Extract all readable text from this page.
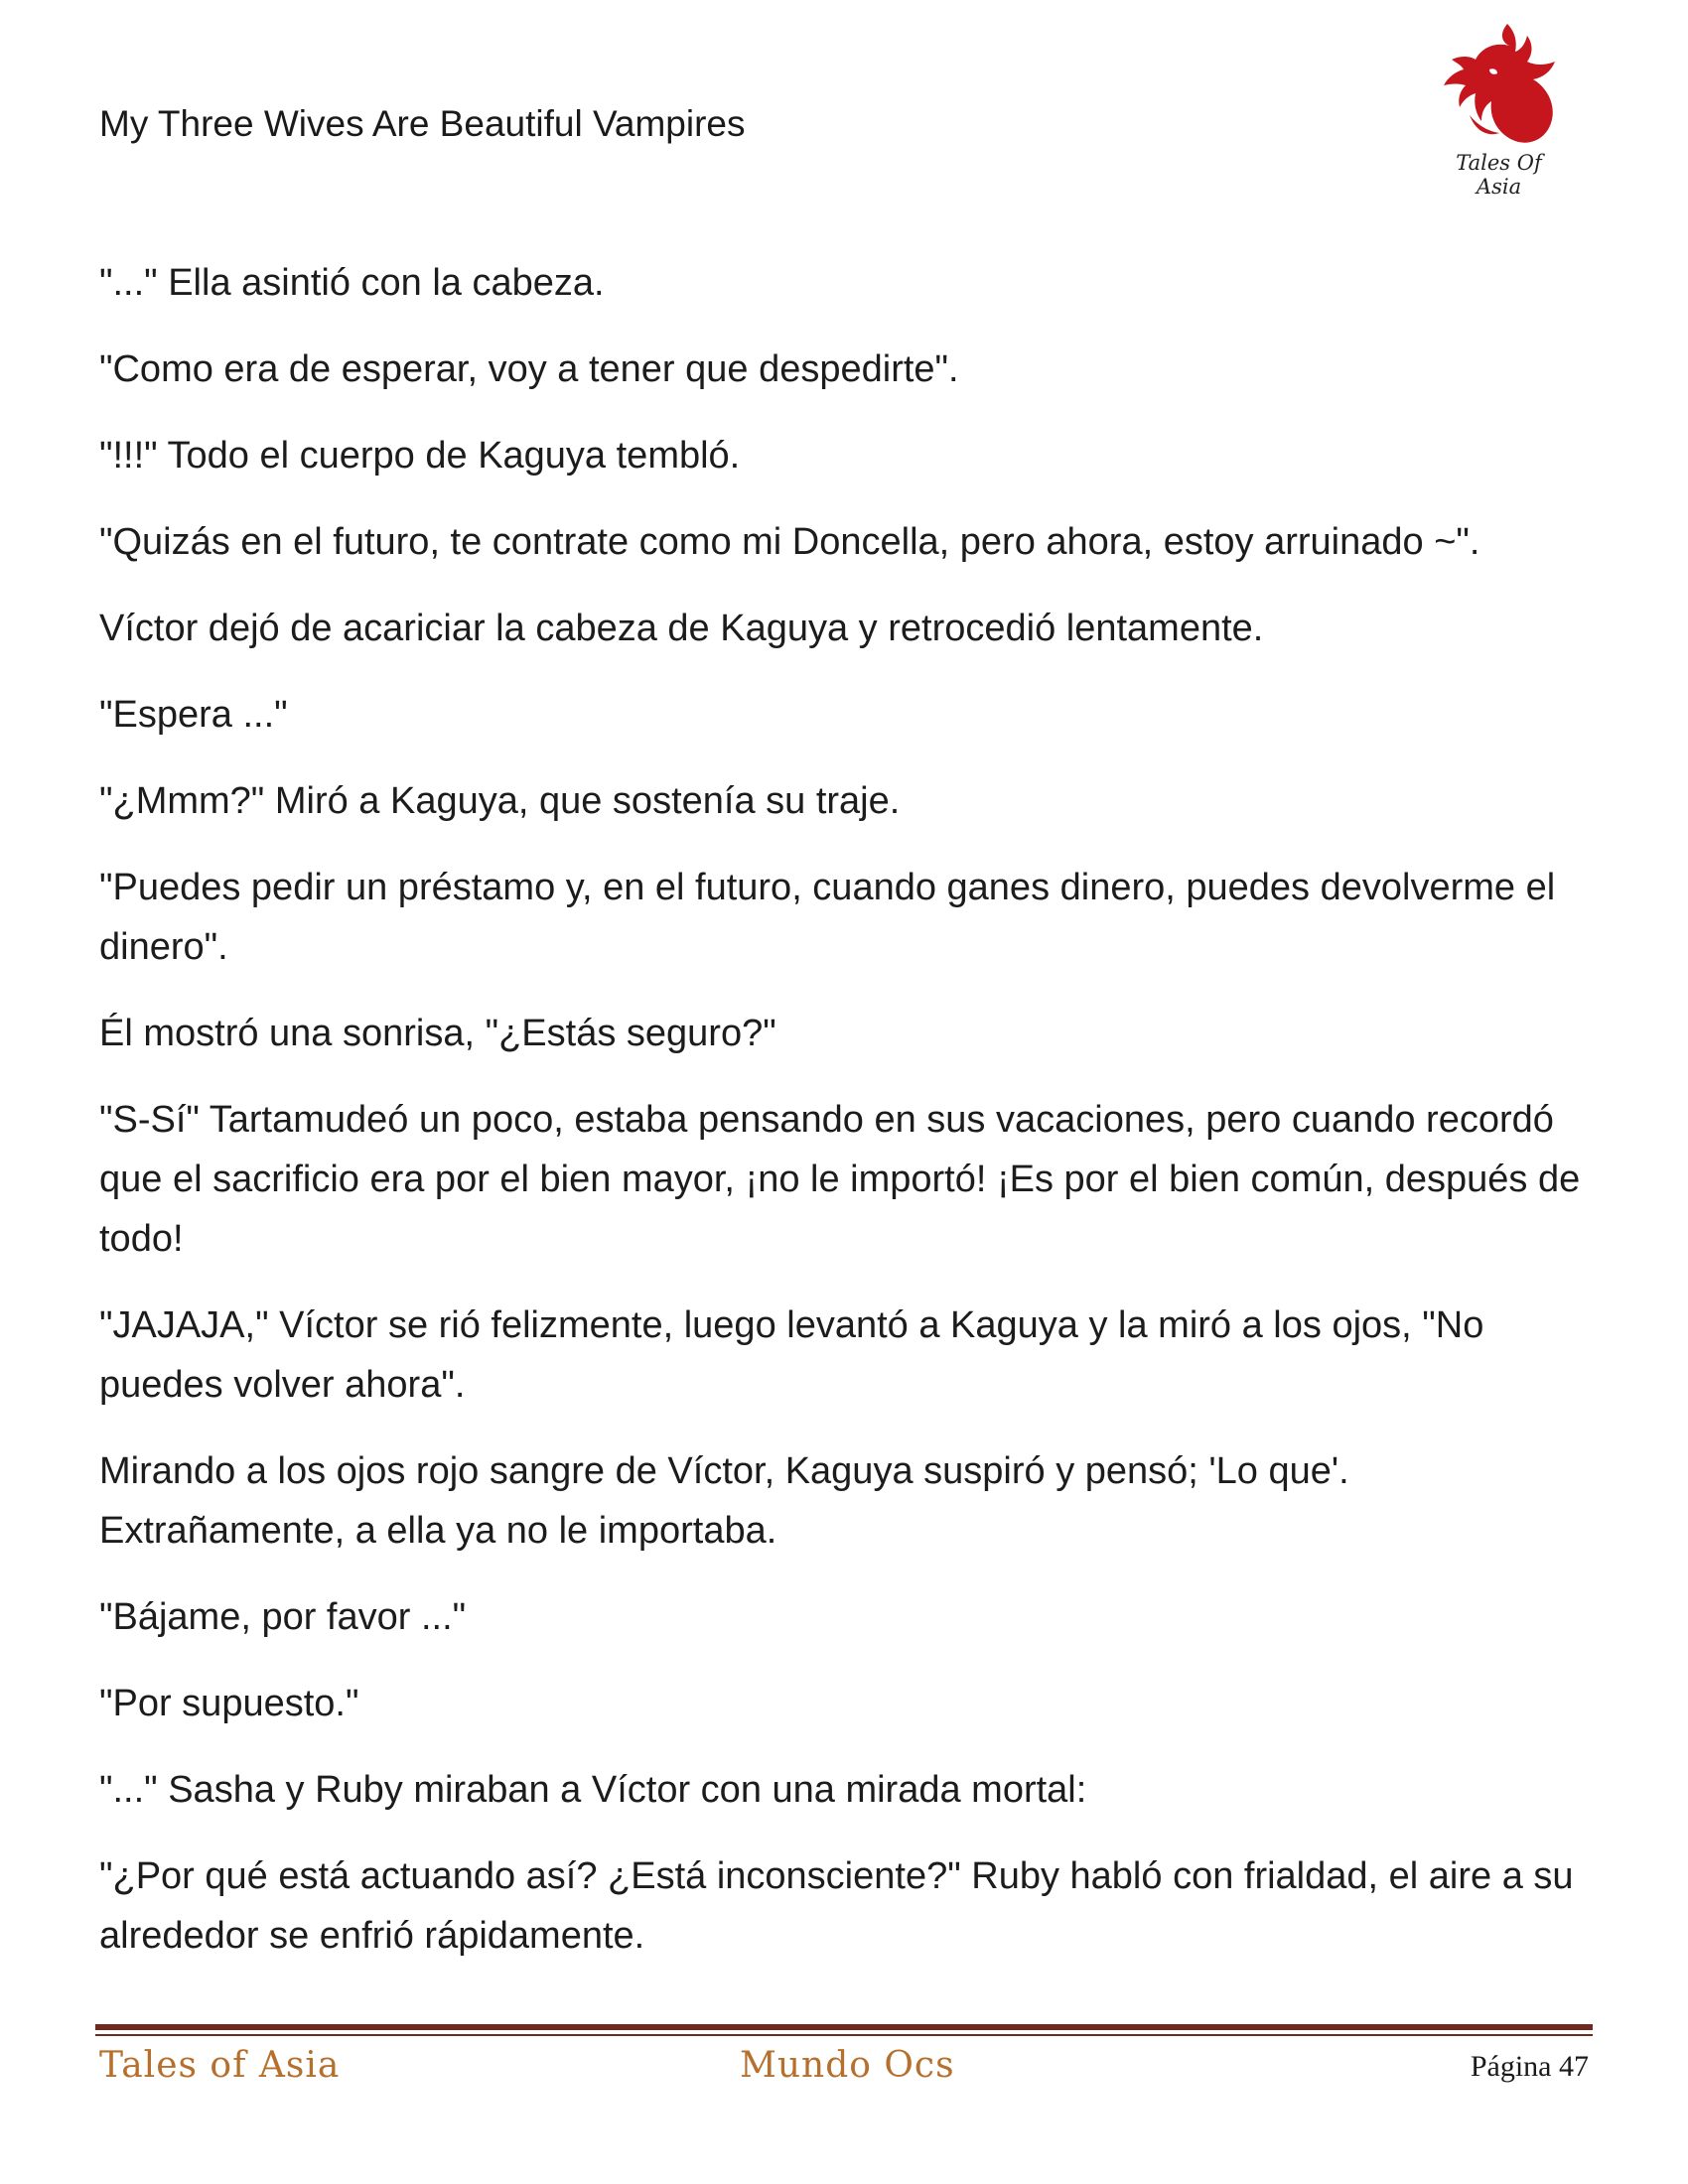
My Three Wives Are Beautiful Vampires
Tales Of Asia

"..." Ella asintió con la cabeza.

"Como era de esperar, voy a tener que despedirte".

"!!!" Todo el cuerpo de Kaguya tembló.

"Quizás en el futuro, te contrate como mi Doncella, pero ahora, estoy arruinado ~".

Víctor dejó de acariciar la cabeza de Kaguya y retrocedió lentamente.

"Espera ..."

"¿Mmm?" Miró a Kaguya, que sostenía su traje.

"Puedes pedir un préstamo y, en el futuro, cuando ganes dinero, puedes devolverme el dinero".

Él mostró una sonrisa, "¿Estás seguro?"

"S-Sí" Tartamudeó un poco, estaba pensando en sus vacaciones, pero cuando recordó que el sacrificio era por el bien mayor, ¡no le importó! ¡Es por el bien común, después de todo!

"JAJAJA," Víctor se rió felizmente, luego levantó a Kaguya y la miró a los ojos, "No puedes volver ahora".

Mirando a los ojos rojo sangre de Víctor, Kaguya suspiró y pensó; 'Lo que'. Extrañamente, a ella ya no le importaba.

"Bájame, por favor ..."

"Por supuesto."

"..." Sasha y Ruby miraban a Víctor con una mirada mortal:

"¿Por qué está actuando así? ¿Está inconsciente?" Ruby habló con frialdad, el aire a su alrededor se enfrió rápidamente.

Tales of Asia	Mundo Ocs	Página 47
